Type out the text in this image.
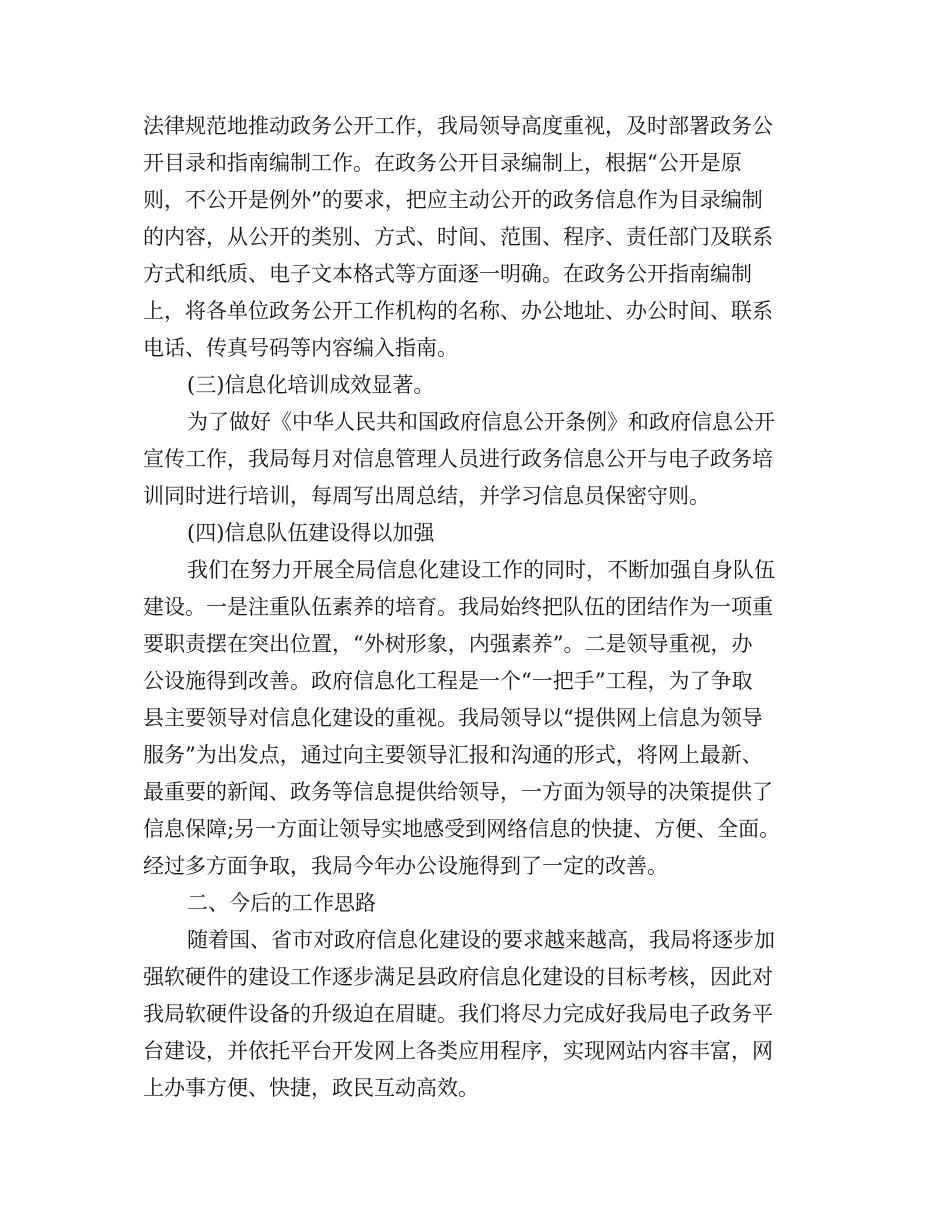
法律规范地推动政务公开工作，我局领导高度重视，及时部署政务公
开目录和指南编制工作。在政务公开目录编制上，根据“公开是原
则，不公开是例外”的要求，把应主动公开的政务信息作为目录编制
的内容，从公开的类别、方式、时间、范围、程序、责任部门及联系
方式和纸质、电子文本格式等方面逐一明确。在政务公开指南编制
上，将各单位政务公开工作机构的名称、办公地址、办公时间、联系
电话、传真号码等内容编入指南。
(三)信息化培训成效显著。
为了做好《中华人民共和国政府信息公开条例》和政府信息公开
宣传工作，我局每月对信息管理人员进行政务信息公开与电子政务培
训同时进行培训，每周写出周总结，并学习信息员保密守则。
(四)信息队伍建设得以加强
我们在努力开展全局信息化建设工作的同时，不断加强自身队伍
建设。一是注重队伍素养的培育。我局始终把队伍的团结作为一项重
要职责摆在突出位置，“外树形象，内强素养”。二是领导重视，办
公设施得到改善。政府信息化工程是一个“一把手”工程，为了争取
县主要领导对信息化建设的重视。我局领导以“提供网上信息为领导
服务”为出发点，通过向主要领导汇报和沟通的形式，将网上最新、
最重要的新闻、政务等信息提供给领导，一方面为领导的决策提供了
信息保障;另一方面让领导实地感受到网络信息的快捷、方便、全面。
经过多方面争取，我局今年办公设施得到了一定的改善。
二、今后的工作思路
随着国、省市对政府信息化建设的要求越来越高，我局将逐步加
强软硬件的建设工作逐步满足县政府信息化建设的目标考核，因此对
我局软硬件设备的升级迫在眉睫。我们将尽力完成好我局电子政务平
台建设，并依托平台开发网上各类应用程序，实现网站内容丰富，网
上办事方便、快捷，政民互动高效。
